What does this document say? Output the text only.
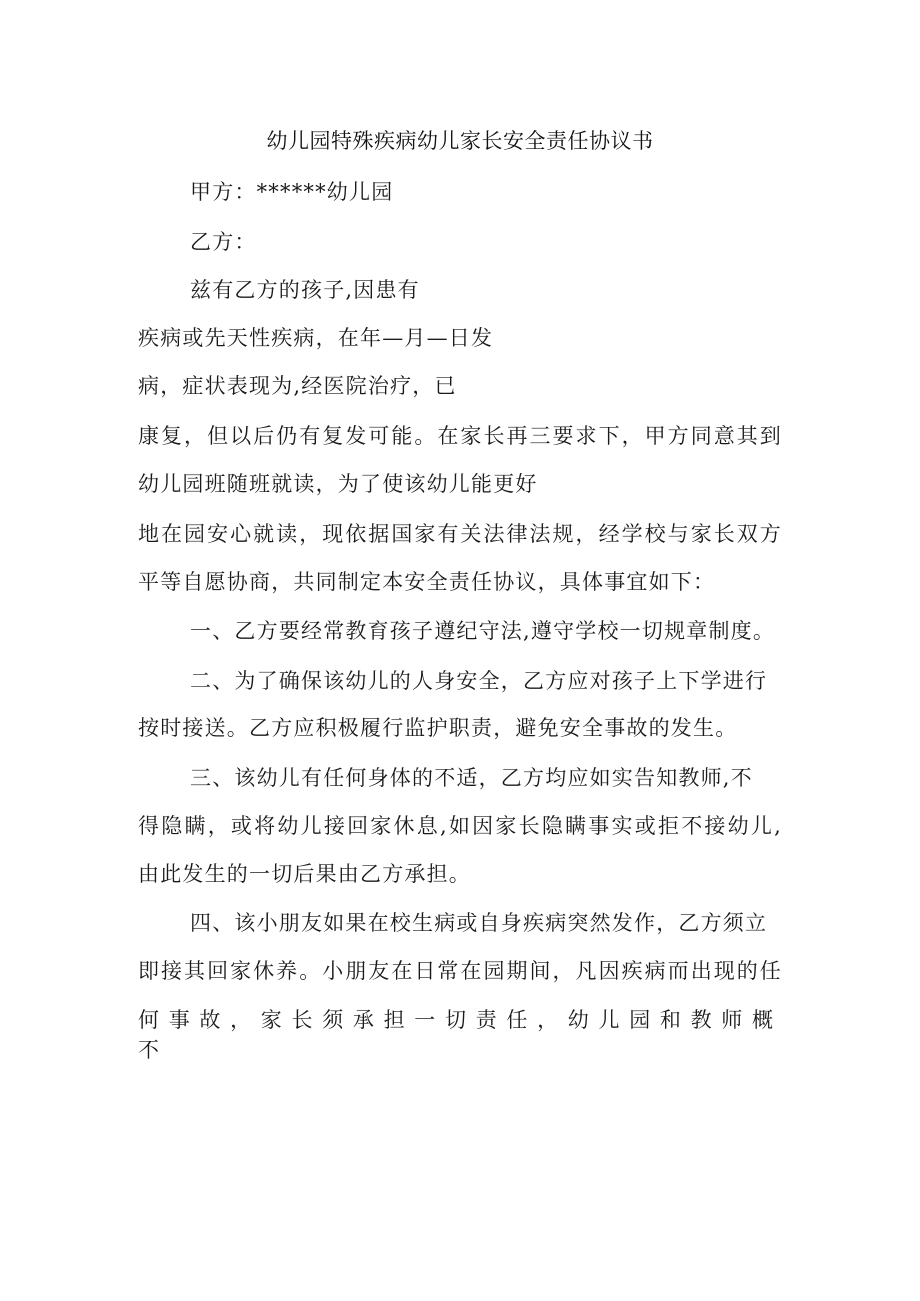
幼儿园特殊疾病幼儿家长安全责任协议书
甲方：******幼儿园
乙方：
兹有乙方的孩子,因患有
疾病或先天性疾病，在年—月—日发
病，症状表现为,经医院治疗，已
康复，但以后仍有复发可能。在家长再三要求下，甲方同意其到
幼儿园班随班就读，为了使该幼儿能更好
地在园安心就读，现依据国家有关法律法规，经学校与家长双方
平等自愿协商，共同制定本安全责任协议，具体事宜如下：
一、乙方要经常教育孩子遵纪守法,遵守学校一切规章制度。
二、为了确保该幼儿的人身安全，乙方应对孩子上下学进行
按时接送。乙方应积极履行监护职责，避免安全事故的发生。
三、该幼儿有任何身体的不适，乙方均应如实告知教师,不
得隐瞒，或将幼儿接回家休息,如因家长隐瞒事实或拒不接幼儿,
由此发生的一切后果由乙方承担。
四、该小朋友如果在校生病或自身疾病突然发作，乙方须立
即接其回家休养。小朋友在日常在园期间，凡因疾病而出现的任
何事故，家长须承担一切责任，幼儿园和教师概不
